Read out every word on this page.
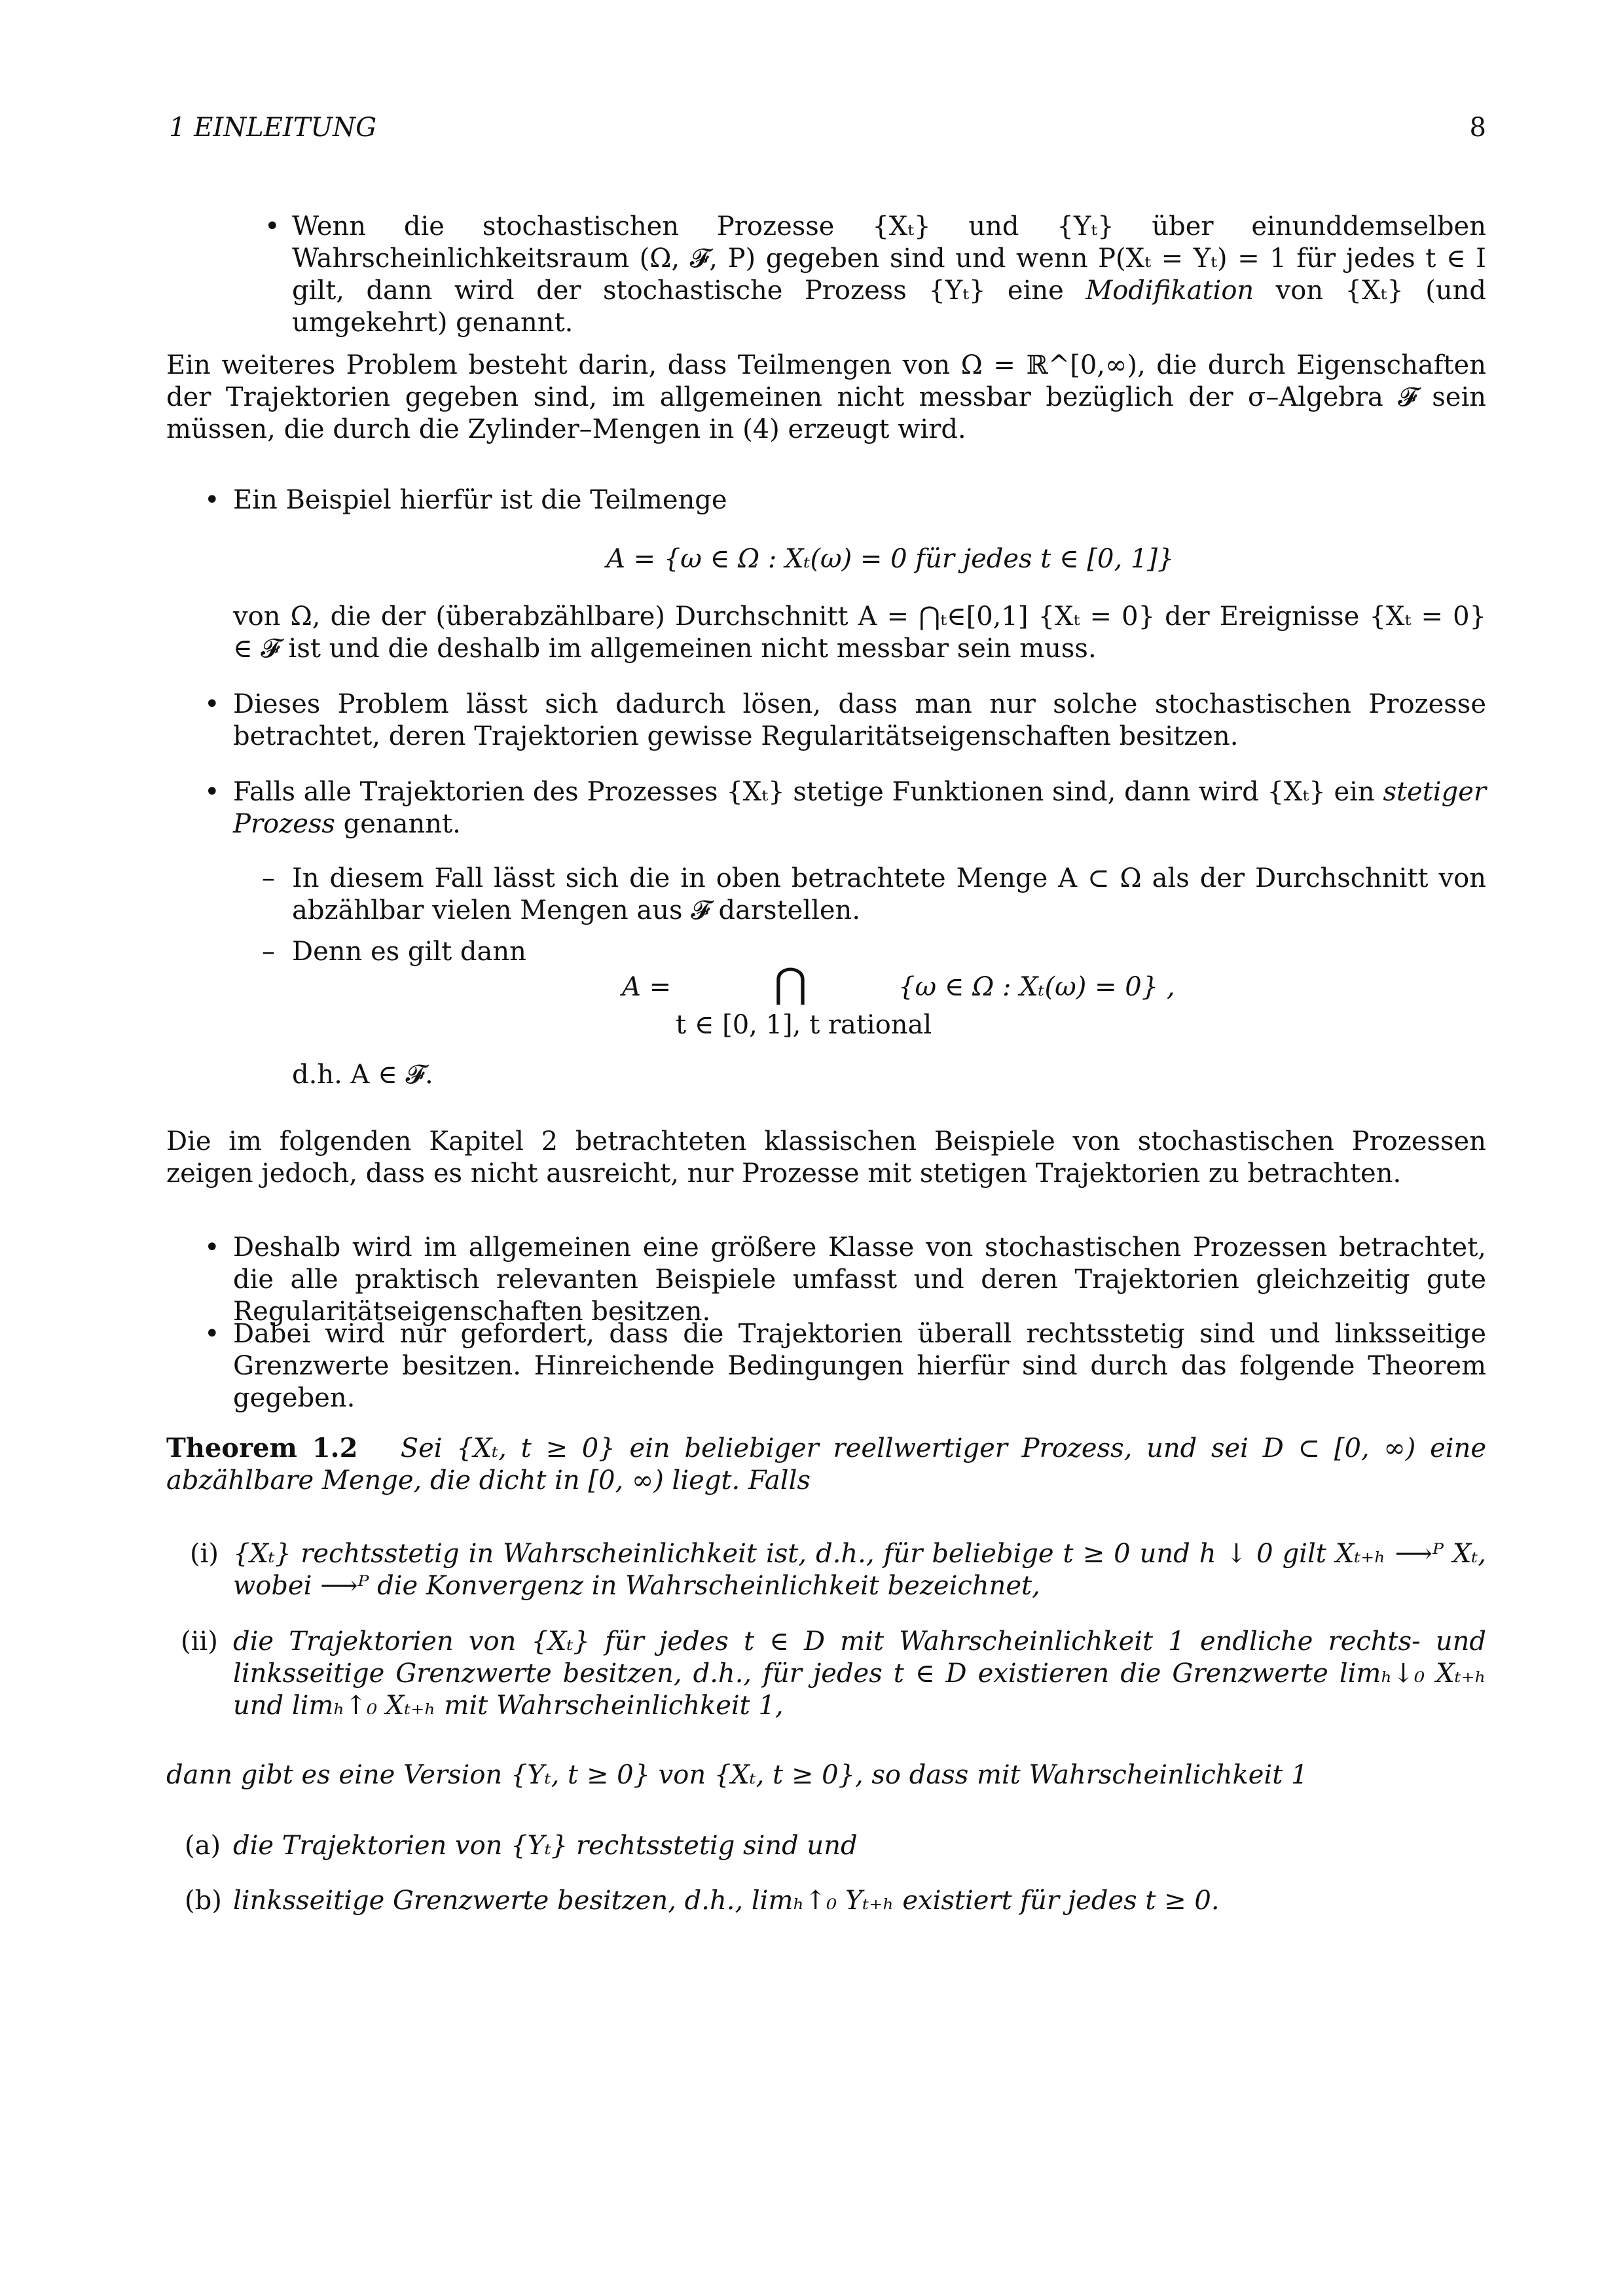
1 EINLEITUNG	8
• Wenn die stochastischen Prozesse {Xₜ} und {Yₜ} über einunddemselben Wahrscheinlichkeitsraum (Ω, 𝓕, P) gegeben sind und wenn P(Xₜ = Yₜ) = 1 für jedes t ∈ I gilt, dann wird der stochastische Prozess {Yₜ} eine Modifikation von {Xₜ} (und umgekehrt) genannt.

Ein weiteres Problem besteht darin, dass Teilmengen von Ω = ℝ^[0,∞), die durch Eigenschaften der Trajektorien gegeben sind, im allgemeinen nicht messbar bezüglich der σ–Algebra 𝓕 sein müssen, die durch die Zylinder–Mengen in (4) erzeugt wird.

• Ein Beispiel hierfür ist die Teilmenge

A = {ω ∈ Ω : Xₜ(ω) = 0 für jedes t ∈ [0, 1]}

von Ω, die der (überabzählbare) Durchschnitt A = ⋂ₜ∈[0,1] {Xₜ = 0} der Ereignisse {Xₜ = 0} ∈ 𝓕 ist und die deshalb im allgemeinen nicht messbar sein muss.

• Dieses Problem lässt sich dadurch lösen, dass man nur solche stochastischen Prozesse betrachtet, deren Trajektorien gewisse Regularitätseigenschaften besitzen.

• Falls alle Trajektorien des Prozesses {Xₜ} stetige Funktionen sind, dann wird {Xₜ} ein stetiger Prozess genannt.

– In diesem Fall lässt sich die in oben betrachtete Menge A ⊂ Ω als der Durchschnitt von abzählbar vielen Mengen aus 𝓕 darstellen.

– Denn es gilt dann

A =	⋂	{ω ∈ Ω : Xₜ(ω) = 0} ,
t ∈ [0, 1], t rational
d.h. A ∈ 𝓕.

Die im folgenden Kapitel 2 betrachteten klassischen Beispiele von stochastischen Prozessen zeigen jedoch, dass es nicht ausreicht, nur Prozesse mit stetigen Trajektorien zu betrachten.

• Deshalb wird im allgemeinen eine größere Klasse von stochastischen Prozessen betrachtet, die alle praktisch relevanten Beispiele umfasst und deren Trajektorien gleichzeitig gute Regularitätseigenschaften besitzen.

• Dabei wird nur gefordert, dass die Trajektorien überall rechtsstetig sind und linksseitige Grenzwerte besitzen. Hinreichende Bedingungen hierfür sind durch das folgende Theorem gegeben.

Theorem 1.2 Sei {Xₜ, t ≥ 0} ein beliebiger reellwertiger Prozess, und sei D ⊂ [0, ∞) eine abzählbare Menge, die dicht in [0, ∞) liegt. Falls

(i) {Xₜ} rechtsstetig in Wahrscheinlichkeit ist, d.h., für beliebige t ≥ 0 und h ↓ 0 gilt Xₜ₊ₕ ⟶ᴾ Xₜ, wobei ⟶ᴾ die Konvergenz in Wahrscheinlichkeit bezeichnet,

(ii) die Trajektorien von {Xₜ} für jedes t ∈ D mit Wahrscheinlichkeit 1 endliche rechts- und linksseitige Grenzwerte besitzen, d.h., für jedes t ∈ D existieren die Grenzwerte limₕ↓₀ Xₜ₊ₕ und limₕ↑₀ Xₜ₊ₕ mit Wahrscheinlichkeit 1,

dann gibt es eine Version {Yₜ, t ≥ 0} von {Xₜ, t ≥ 0}, so dass mit Wahrscheinlichkeit 1

(a) die Trajektorien von {Yₜ} rechtsstetig sind und

(b) linksseitige Grenzwerte besitzen, d.h., limₕ↑₀ Yₜ₊ₕ existiert für jedes t ≥ 0.
